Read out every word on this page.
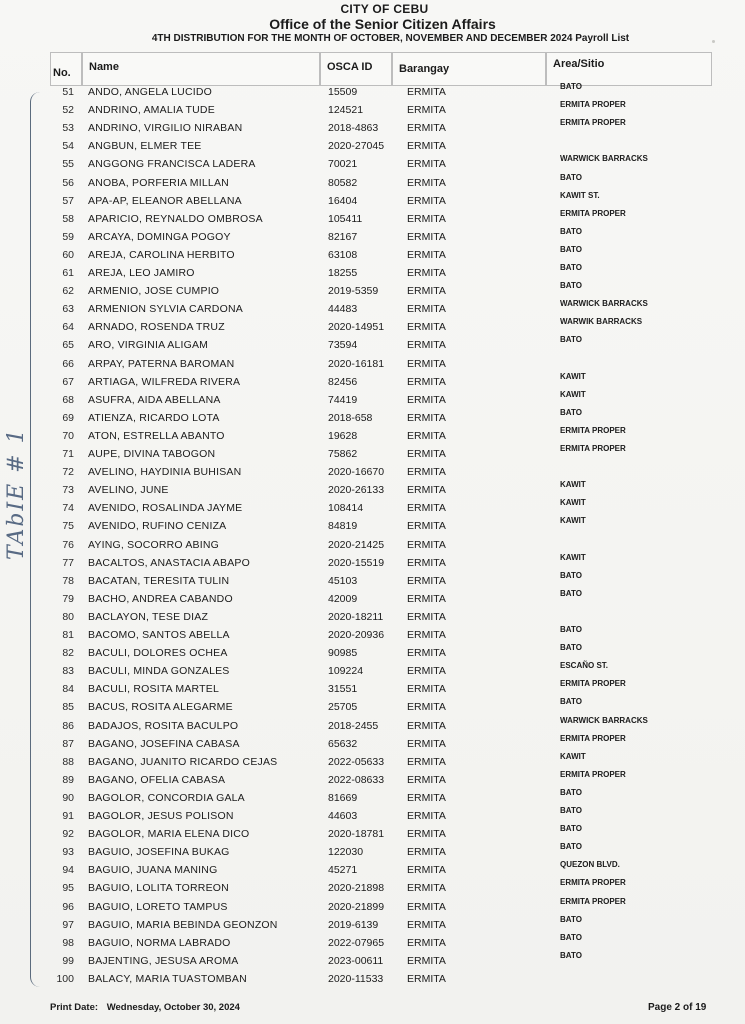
CITY OF CEBU
Office of the Senior Citizen Affairs
4TH DISTRIBUTION FOR THE MONTH OF OCTOBER, NOVEMBER AND DECEMBER 2024 Payroll List
No.	Name	OSCA ID	Barangay	Area/Sitio
TAbIE # 1
51 ANDO, ANGELA LUCIDO	15509	ERMITA	BATO
52 ANDRINO, AMALIA TUDE	124521	ERMITA	ERMITA PROPER
53 ANDRINO, VIRGILIO NIRABAN	2018-4863	ERMITA	ERMITA PROPER
54 ANGBUN, ELMER TEE	2020-27045 ERMITA
55 ANGGONG FRANCISCA LADERA	70021	ERMITA	WARWICK BARRACKS
56 ANOBA, PORFERIA MILLAN	80582	ERMITA	BATO
57 APA-AP, ELEANOR ABELLANA	16404	ERMITA	KAWIT ST.
58 APARICIO, REYNALDO OMBROSA	105411	ERMITA	ERMITA PROPER
59 ARCAYA, DOMINGA POGOY	82167	ERMITA	BATO
60 AREJA, CAROLINA HERBITO	63108	ERMITA	BATO
61 AREJA, LEO JAMIRO	18255	ERMITA	BATO
62 ARMENIO, JOSE CUMPIO	2019-5359	ERMITA	BATO
63 ARMENION SYLVIA CARDONA	44483	ERMITA	WARWICK BARRACKS
64 ARNADO, ROSENDA TRUZ	2020-14951 ERMITA	WARWIK BARRACKS
65 ARO, VIRGINIA ALIGAM	73594	ERMITA	BATO
66 ARPAY, PATERNA BAROMAN	2020-16181 ERMITA
67 ARTIAGA, WILFREDA RIVERA	82456	ERMITA	KAWIT
68 ASUFRA, AIDA ABELLANA	74419	ERMITA	KAWIT
69 ATIENZA, RICARDO LOTA	2018-658	ERMITA	BATO
70 ATON, ESTRELLA ABANTO	19628	ERMITA	ERMITA PROPER
71 AUPE, DIVINA TABOGON	75862	ERMITA	ERMITA PROPER
72 AVELINO, HAYDINIA BUHISAN	2020-16670 ERMITA
73 AVELINO, JUNE	2020-26133 ERMITA	KAWIT
74 AVENIDO, ROSALINDA JAYME	108414	ERMITA	KAWIT
75 AVENIDO, RUFINO CENIZA	84819	ERMITA	KAWIT
76 AYING, SOCORRO ABING	2020-21425 ERMITA
77 BACALTOS, ANASTACIA ABAPO	2020-15519 ERMITA	KAWIT
78 BACATAN, TERESITA TULIN	45103	ERMITA	BATO
79 BACHO, ANDREA CABANDO	42009	ERMITA	BATO
80 BACLAYON, TESE DIAZ	2020-18211 ERMITA
81 BACOMO, SANTOS ABELLA	2020-20936 ERMITA	BATO
82 BACULI, DOLORES OCHEA	90985	ERMITA	BATO
83 BACULI, MINDA GONZALES	109224	ERMITA	ESCAÑO ST.
84 BACULI, ROSITA MARTEL	31551	ERMITA	ERMITA PROPER
85 BACUS, ROSITA ALEGARME	25705	ERMITA	BATO
86 BADAJOS, ROSITA BACULPO	2018-2455	ERMITA	WARWICK BARRACKS
87 BAGANO, JOSEFINA CABASA	65632	ERMITA	ERMITA PROPER
88 BAGANO, JUANITO RICARDO CEJAS	2022-05633 ERMITA	KAWIT
89 BAGANO, OFELIA CABASA	2022-08633 ERMITA	ERMITA PROPER
90 BAGOLOR, CONCORDIA GALA	81669	ERMITA	BATO
91 BAGOLOR, JESUS POLISON	44603	ERMITA	BATO
92 BAGOLOR, MARIA ELENA DICO	2020-18781 ERMITA	BATO
93 BAGUIO, JOSEFINA BUKAG	122030	ERMITA	BATO
94 BAGUIO, JUANA MANING	45271	ERMITA	QUEZON BLVD.
95 BAGUIO, LOLITA TORREON	2020-21898 ERMITA	ERMITA PROPER
96 BAGUIO, LORETO TAMPUS	2020-21899 ERMITA	ERMITA PROPER
97 BAGUIO, MARIA BEBINDA GEONZON	2019-6139	ERMITA	BATO
98 BAGUIO, NORMA LABRADO	2022-07965 ERMITA	BATO
99 BAJENTING, JESUSA AROMA	2023-00611 ERMITA	BATO
100 BALACY, MARIA TUASTOMBAN	2020-11533 ERMITA
Print Date: Wednesday, October 30, 2024	Page 2 of 19
